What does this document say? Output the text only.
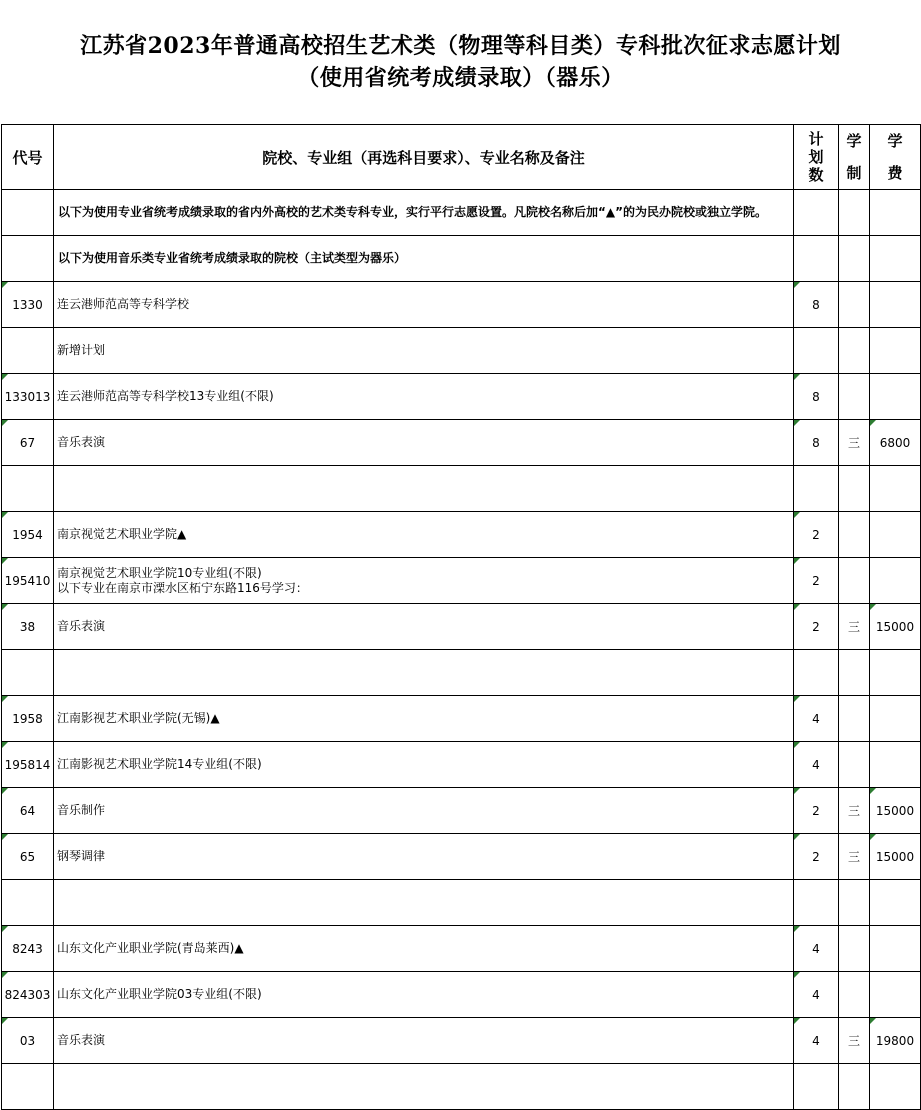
江苏省2023年普通高校招生艺术类（物理等科目类）专科批次征求志愿计划
（使用省统考成绩录取）（器乐）
代号	院校、专业组（再选科目要求）、专业名称及备注	计划数	学制	学费
	以下为使用专业省统考成绩录取的省内外高校的艺术类专科专业，实行平行志愿设置。凡院校名称后加“▲”的为民办院校或独立学院。			
	以下为使用音乐类专业省统考成绩录取的院校（主试类型为器乐）			

1330	连云港师范高等专科学校	8		
	新增计划			

133013	连云港师范高等专科学校13专业组(不限)	8		

67	音乐表演	8	三	6800

1954	南京视觉艺术职业学院▲	2		

195410	南京视觉艺术职业学院10专业组(不限)
以下专业在南京市溧水区柘宁东路116号学习：	2		

38	音乐表演	2	三	15000

1958	江南影视艺术职业学院(无锡)▲	4		

195814	江南影视艺术职业学院14专业组(不限)	4		

64	音乐制作	2	三	15000

65	钢琴调律	2	三	15000

8243	山东文化产业职业学院(青岛莱西)▲	4		

824303	山东文化产业职业学院03专业组(不限)	4		

03	音乐表演	4	三	19800
